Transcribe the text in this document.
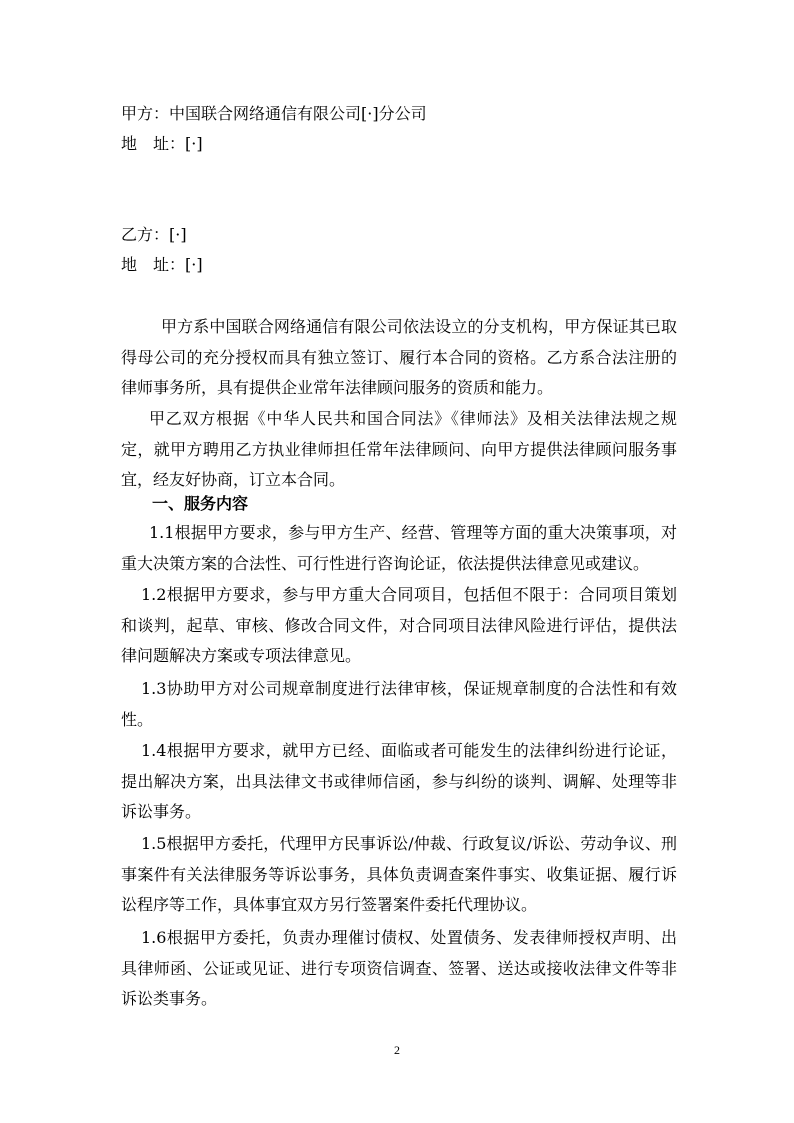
甲方：中国联合网络通信有限公司[·]分公司
地　址：[·]
乙方：[·]
地　址：[·]

甲方系中国联合网络通信有限公司依法设立的分支机构，甲方保证其已取得母公司的充分授权而具有独立签订、履行本合同的资格。乙方系合法注册的律师事务所，具有提供企业常年法律顾问服务的资质和能力。

甲乙双方根据《中华人民共和国合同法》《律师法》及相关法律法规之规定，就甲方聘用乙方执业律师担任常年法律顾问、向甲方提供法律顾问服务事宜，经友好协商，订立本合同。

一、服务内容

1.1根据甲方要求，参与甲方生产、经营、管理等方面的重大决策事项，对重大决策方案的合法性、可行性进行咨询论证，依法提供法律意见或建议。

1.2根据甲方要求，参与甲方重大合同项目，包括但不限于：合同项目策划和谈判，起草、审核、修改合同文件，对合同项目法律风险进行评估，提供法律问题解决方案或专项法律意见。

1.3协助甲方对公司规章制度进行法律审核，保证规章制度的合法性和有效性。

1.4根据甲方要求，就甲方已经、面临或者可能发生的法律纠纷进行论证，提出解决方案，出具法律文书或律师信函，参与纠纷的谈判、调解、处理等非诉讼事务。

1.5根据甲方委托，代理甲方民事诉讼/仲裁、行政复议/诉讼、劳动争议、刑事案件有关法律服务等诉讼事务，具体负责调查案件事实、收集证据、履行诉讼程序等工作，具体事宜双方另行签署案件委托代理协议。

1.6根据甲方委托，负责办理催讨债权、处置债务、发表律师授权声明、出具律师函、公证或见证、进行专项资信调查、签署、送达或接收法律文件等非诉讼类事务。

2
